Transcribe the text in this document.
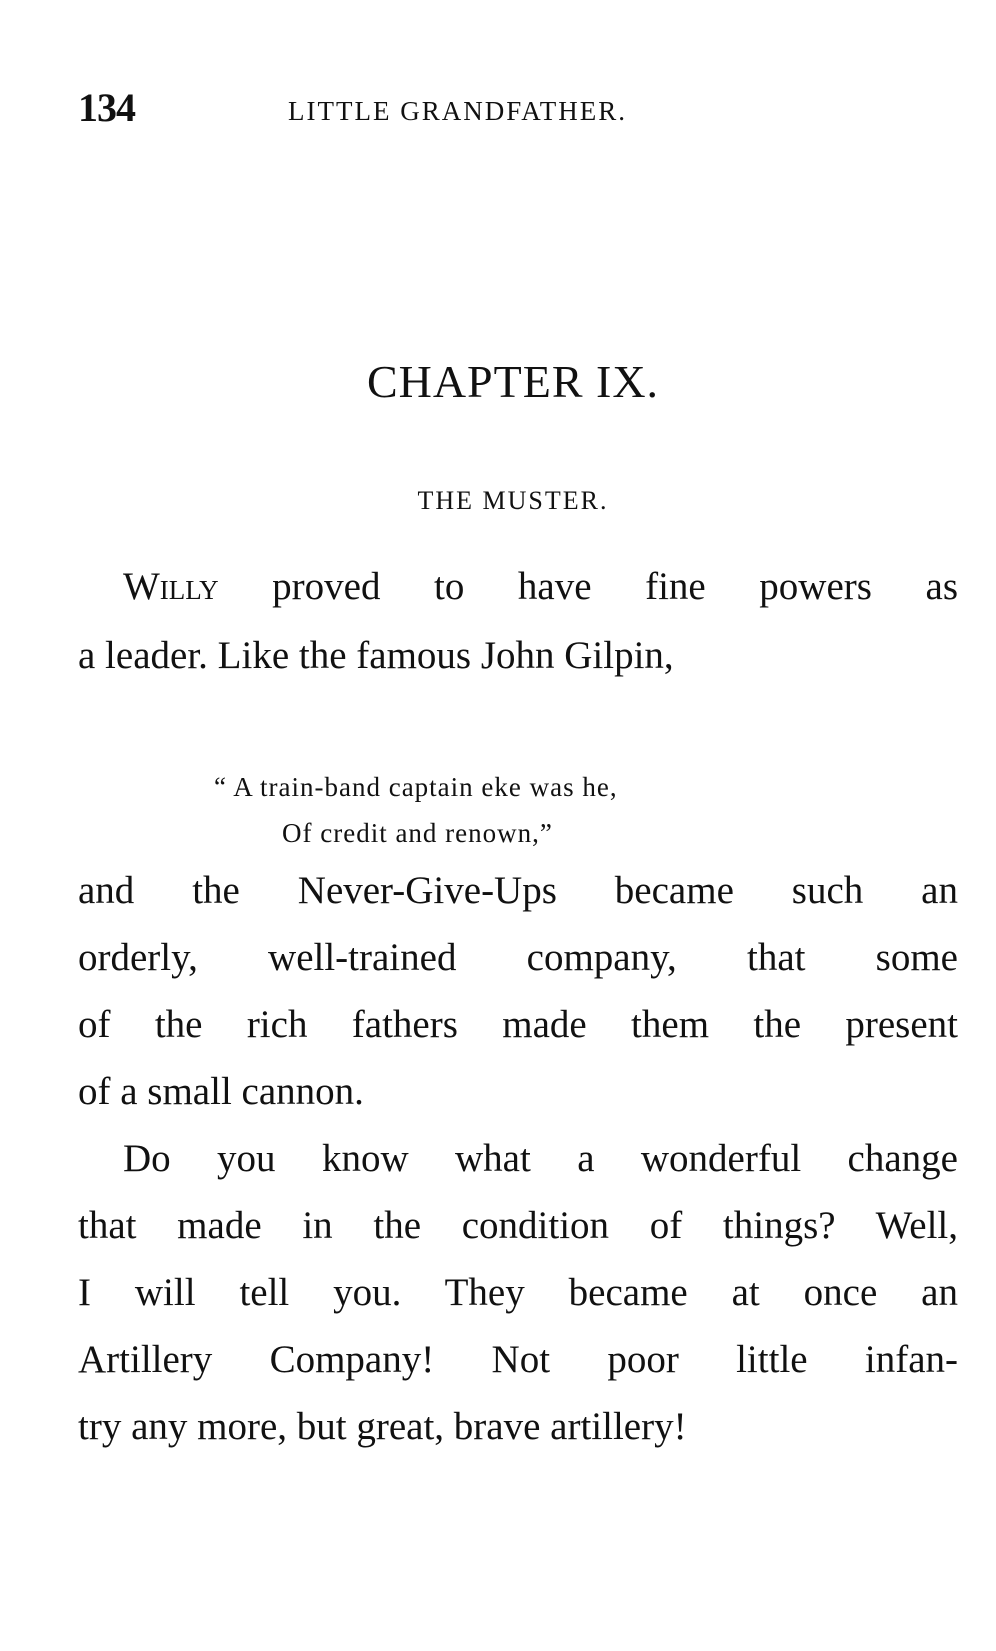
134	LITTLE GRANDFATHER.
CHAPTER IX.
THE MUSTER.
Willy proved to have fine powers as
a leader. Like the famous John Gilpin,
“ A train-band captain eke was he,
Of credit and renown,”
and the Never-Give-Ups became such an
orderly, well-trained company, that some
of the rich fathers made them the present
of a small cannon.
Do you know what a wonderful change
that made in the condition of things? Well,
I will tell you. They became at once an
Artillery Company! Not poor little infan-
try any more, but great, brave artillery!
